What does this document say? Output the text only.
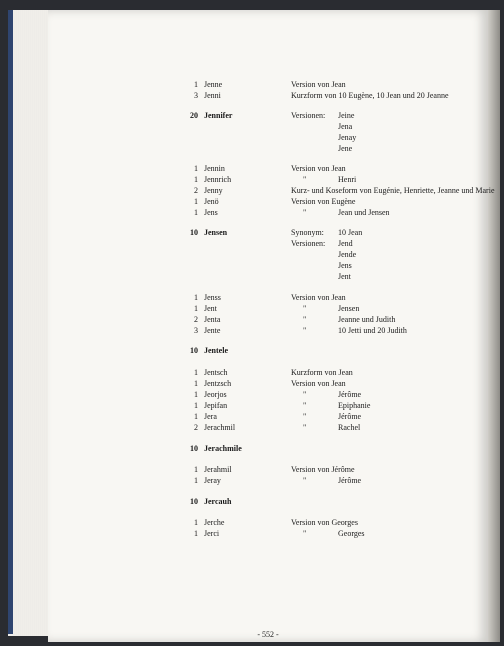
1 Jenne	Version von Jean
3 Jenni	Kurzform von 10 Eugène, 10 Jean und 20 Jeanne
20 Jennifer	Versionen: Jeine
Jena
Jenay
Jene
1 Jennin	Version von Jean
1 Jennrich	"	Henri
2 Jenny	Kurz- und Koseform von Eugénie, Henriette, Jeanne und Marie
1 Jenö	Version von Eugène
1 Jens	"	Jean und Jensen
10 Jensen	Synonym: 10 Jean
Versionen: Jend
Jende
Jens
Jent
1 Jenss	Version von Jean
1 Jent	"	Jensen
2 Jenta	"	Jeanne und Judith
3 Jente	"	10 Jetti und 20 Judith
10 Jentele
1 Jentsch	Kurzform von Jean
1 Jentzsch	Version von Jean
1 Jeorjos	"	Jérôme
1 Jepifan	"	Epiphanie
1 Jera	"	Jérôme
2 Jerachmil	"	Rachel
10 Jerachmile
1 Jerahmil	Version von Jérôme
1 Jeray	"	Jérôme
10 Jercauh
1 Jerche	Version von Georges
1 Jerci	"	Georges
- 552 -
